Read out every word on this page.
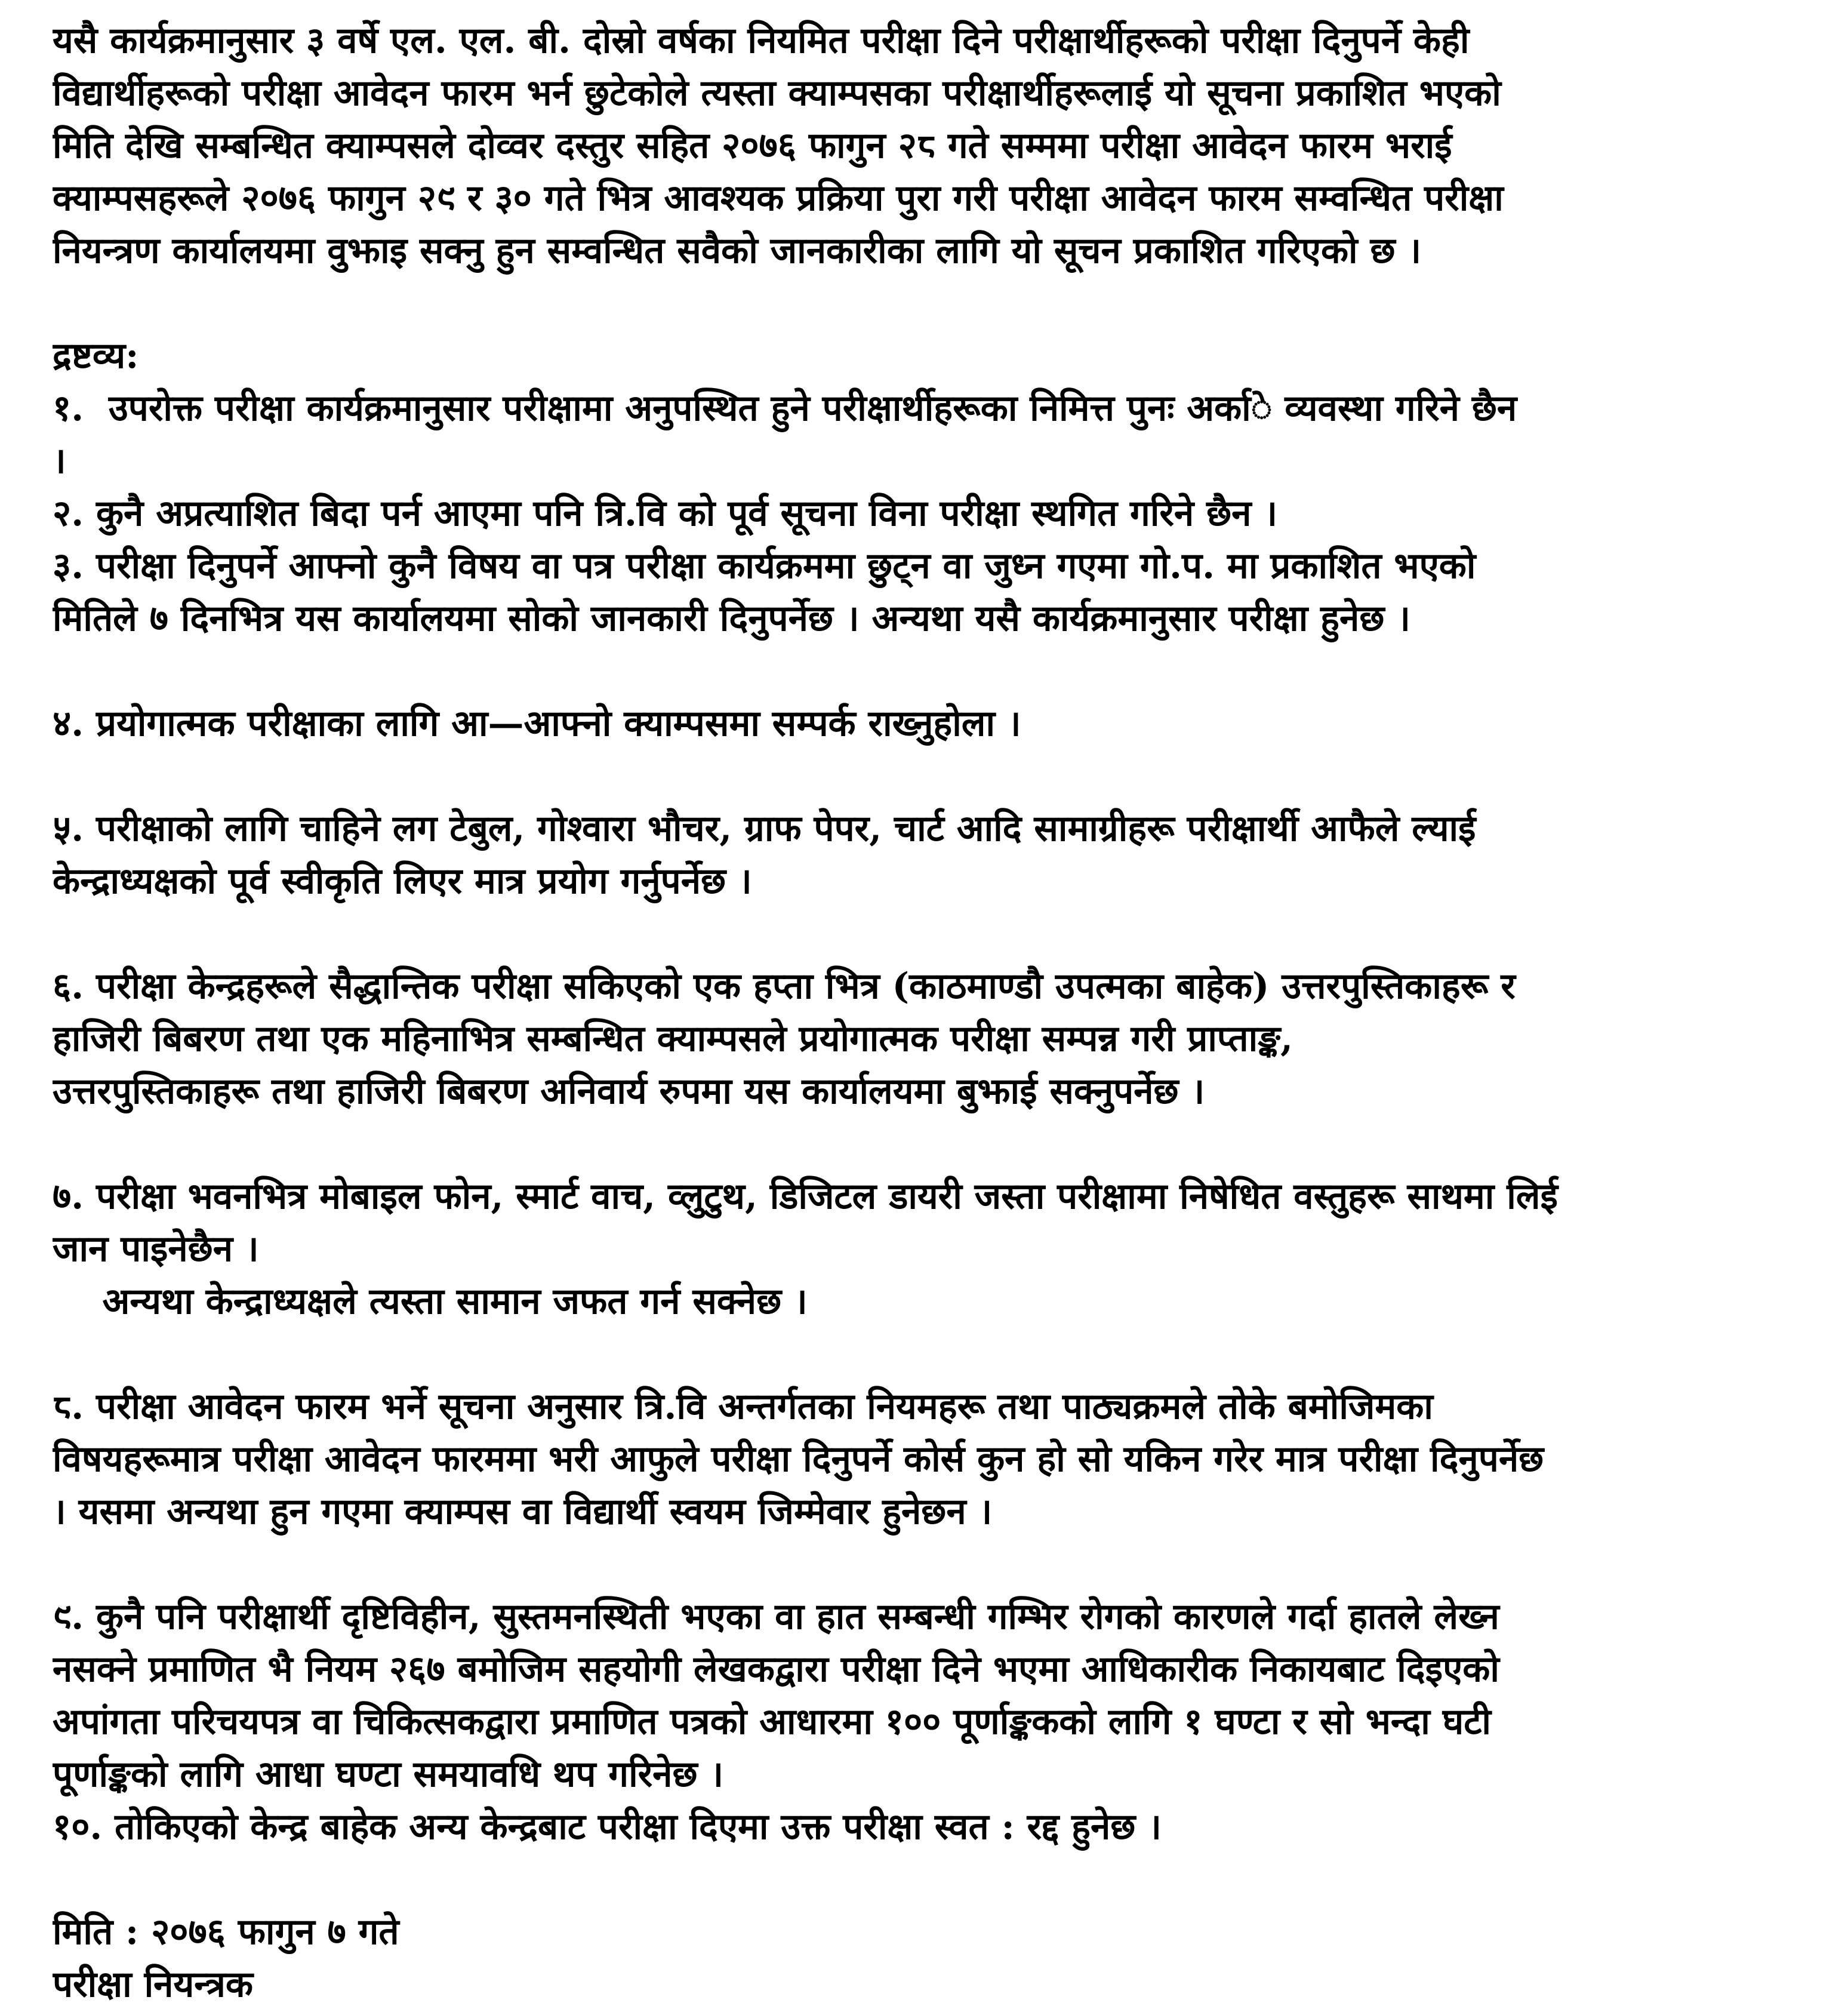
यसै कार्यक्रमानुसार ३ वर्षे एल. एल. बी. दोस्रो वर्षका नियमित परीक्षा दिने परीक्षार्थीहरूको परीक्षा दिनुपर्ने केही
विद्यार्थीहरूको परीक्षा आवेदन फारम भर्न छुटेकोले त्यस्ता क्याम्पसका परीक्षार्थीहरूलाई यो सूचना प्रकाशित भएको
मिति देखि सम्बन्धित क्याम्पसले दोव्वर दस्तुर सहित २०७६ फागुन २८ गते सम्ममा परीक्षा आवेदन फारम भराई
क्याम्पसहरूले २०७६ फागुन २९ र ३० गते भित्र आवश्यक प्रक्रिया पुरा गरी परीक्षा आवेदन फारम सम्वन्धित परीक्षा
नियन्त्रण कार्यालयमा वुझाइ सक्नु हुन सम्वन्धित सवैको जानकारीका लागि यो सूचन प्रकाशित गरिएको छ ।
द्रष्टव्य:
१.  उपरोक्त परीक्षा कार्यक्रमानुसार परीक्षामा अनुपस्थित हुने परीक्षार्थीहरूका निमित्त पुनः अर्का◌े व्यवस्था गरिने छैन
।
२. कुनै अप्रत्याशित बिदा पर्न आएमा पनि त्रि.वि को पूर्व सूचना विना परीक्षा स्थगित गरिने छैन ।
३. परीक्षा दिनुपर्ने आफ्नो कुनै विषय वा पत्र परीक्षा कार्यक्रममा छुट्न वा जुध्न गएमा गो.प. मा प्रकाशित भएको
मितिले ७ दिनभित्र यस कार्यालयमा सोको जानकारी दिनुपर्नेछ । अन्यथा यसै कार्यक्रमानुसार परीक्षा हुनेछ ।
४. प्रयोगात्मक परीक्षाका लागि आ—आफ्नो क्याम्पसमा सम्पर्क राख्नुहोला ।
५. परीक्षाको लागि चाहिने लग टेबुल, गोश्वारा भौचर, ग्राफ पेपर, चार्ट आदि सामाग्रीहरू परीक्षार्थी आफैले ल्याई
केन्द्राध्यक्षको पूर्व स्वीकृति लिएर मात्र प्रयोग गर्नुपर्नेछ ।
६. परीक्षा केन्द्रहरूले सैद्धान्तिक परीक्षा सकिएको एक हप्ता भित्र (काठमाण्डौ उपत्मका बाहेक) उत्तरपुस्तिकाहरू र
हाजिरी बिबरण तथा एक महिनाभित्र सम्बन्धित क्याम्पसले प्रयोगात्मक परीक्षा सम्पन्न गरी प्राप्ताङ्क,
उत्तरपुस्तिकाहरू तथा हाजिरी बिबरण अनिवार्य रुपमा यस कार्यालयमा बुझाई सक्नुपर्नेछ ।
७. परीक्षा भवनभित्र मोबाइल फोन, स्मार्ट वाच, व्लुटुथ, डिजिटल डायरी जस्ता परीक्षामा निषेधित वस्तुहरू साथमा लिई
जान पाइनेछैन ।
अन्यथा केन्द्राध्यक्षले त्यस्ता सामान जफत गर्न सक्नेछ ।
८. परीक्षा आवेदन फारम भर्ने सूचना अनुसार त्रि.वि अन्तर्गतका नियमहरू तथा पाठ्यक्रमले तोके बमोजिमका
विषयहरूमात्र परीक्षा आवेदन फारममा भरी आफुले परीक्षा दिनुपर्ने कोर्स कुन हो सो यकिन गरेर मात्र परीक्षा दिनुपर्नेछ
। यसमा अन्यथा हुन गएमा क्याम्पस वा विद्यार्थी स्वयम जिम्मेवार हुनेछन ।
९. कुनै पनि परीक्षार्थी दृष्टिविहीन, सुस्तमनस्थिती भएका वा हात सम्बन्धी गम्भिर रोगको कारणले गर्दा हातले लेख्न
नसक्ने प्रमाणित भै नियम २६७ बमोजिम सहयोगी लेखकद्वारा परीक्षा दिने भएमा आधिकारीक निकायबाट दिइएको
अपांगता परिचयपत्र वा चिकित्सकद्वारा प्रमाणित पत्रको आधारमा १०० पूर्णाङ्ककको लागि १ घण्टा र सो भन्दा घटी
पूर्णाङ्कको लागि आधा घण्टा समयावधि थप गरिनेछ ।
१०. तोकिएको केन्द्र बाहेक अन्य केन्द्रबाट परीक्षा दिएमा उक्त परीक्षा स्वत : रद्द हुनेछ ।
मिति : २०७६ फागुन ७ गते
परीक्षा नियन्त्रक
